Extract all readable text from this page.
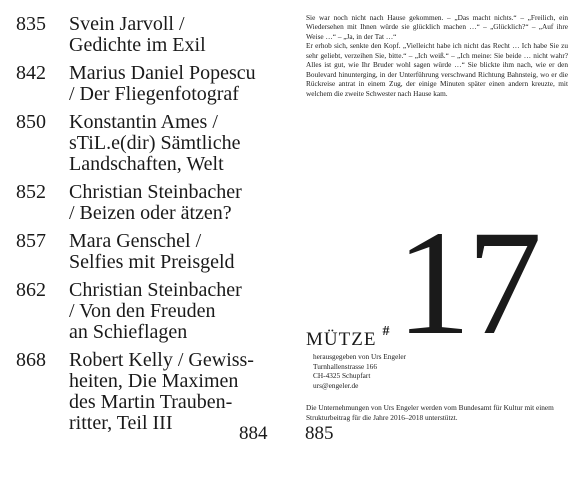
835 Svein Jarvoll /
Gedichte im Exil
842 Marius Daniel Popescu
/ Der Fliegenfotograf
850 Konstantin Ames /
sTiL.e(dir) Sämtliche
Landschaften, Welt
852 Christian Steinbacher
/ Beizen oder ätzen?
857 Mara Genschel /
Selfies mit Preisgeld
862 Christian Steinbacher
/ Von den Freuden
an Schieflagen
868 Robert Kelly / Gewiss-
heiten, Die Maximen
des Martin Trauben-
ritter, Teil III	884

Sie war noch nicht nach Hause gekommen. – „Das macht nichts.“ – „Freilich, ein Wiedersehen mit Ihnen würde sie glücklich machen …“ – „Glücklich?“ – „Auf ihre Weise …“ – „Ja, in der Tat …“

Er erhob sich, senkte den Kopf. „Vielleicht habe ich nicht das Recht … Ich habe Sie zu sehr geliebt, verzeihen Sie, bitte.“ – „Ich weiß.“ – „Ich meine: Sie beide … nicht wahr? Alles ist gut, wie Ihr Bruder wohl sagen würde …“ Sie blickte ihm nach, wie er den Boulevard hinunterging, in der Unterführung verschwand Richtung Bahnsteig, wo er die Rückreise antrat in einem Zug, der einige Minuten später einen andern kreuzte, mit welchem die zweite Schwester nach Hause kam.

17
MÜTZE #
herausgegeben von Urs Engeler
Turnhallenstrasse 166
CH-4325 Schupfart
urs@engeler.de
Die Unternehmungen von Urs Engeler werden vom Bundesamt für Kultur mit einem Strukturbeitrag für die Jahre 2016–2018 unterstützt.
885
